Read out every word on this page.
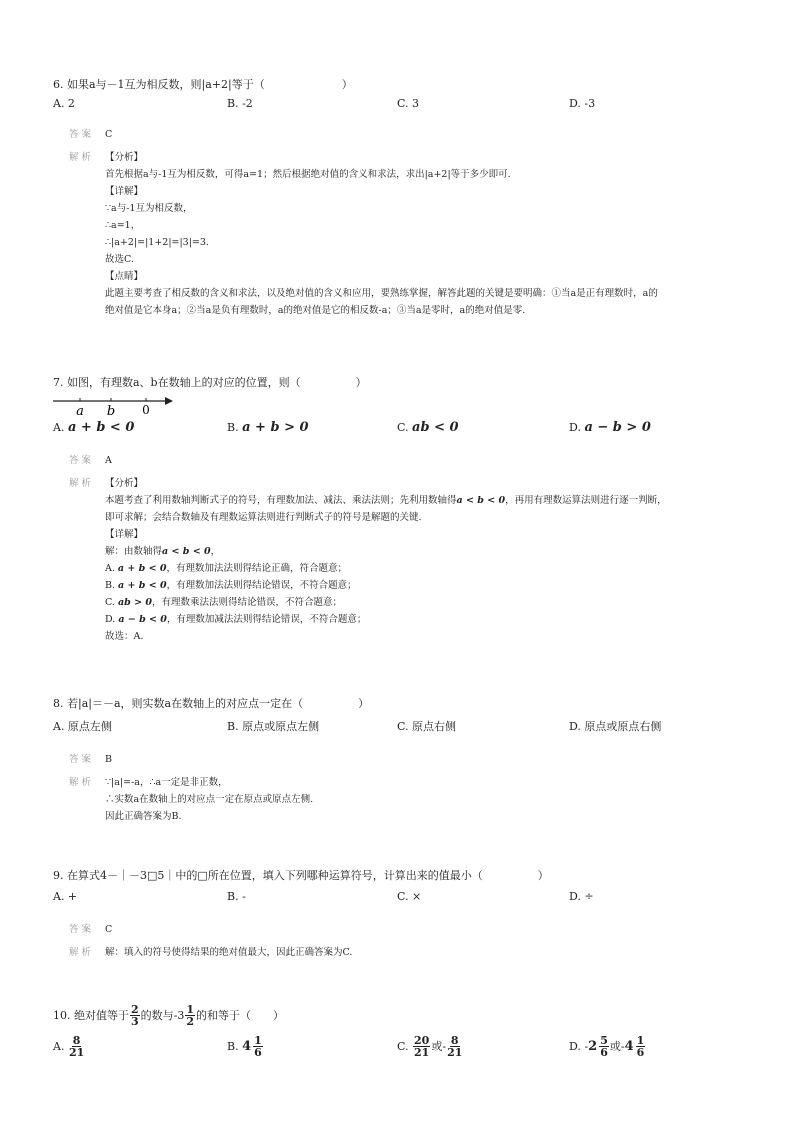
6. 如果a与－1互为相反数，则|a+2|等于（　　　　　　　）
A. 2	B. -2	C. 3	D. -3
答案 C
解析 【分析】
首先根据a与-1互为相反数，可得a=1；然后根据绝对值的含义和求法，求出|a+2|等于多少即可.
【详解】
∵a与-1互为相反数，
∴a=1，
∴|a+2|=|1+2|=|3|=3.
故选C.
【点睛】
此题主要考查了相反数的含义和求法，以及绝对值的含义和应用，要熟练掌握，解答此题的关键是要明确：①当a是正有理数时，a的
绝对值是它本身a；②当a是负有理数时，a的绝对值是它的相反数-a；③当a是零时，a的绝对值是零.
7. 如图，有理数a、b在数轴上的对应的位置，则（　　　　　）
a b 0
A. a + b < 0	B. a + b > 0	C. ab < 0	D. a − b > 0
答案 A
解析 【分析】
本题考查了利用数轴判断式子的符号，有理数加法、减法、乘法法则；先利用数轴得a < b < 0，再用有理数运算法则进行逐一判断，
即可求解；会结合数轴及有理数运算法则进行判断式子的符号是解题的关键.
【详解】
解：由数轴得a < b < 0，
A. a + b < 0，有理数加法法则得结论正确，符合题意；
B. a + b < 0，有理数加法法则得结论错误，不符合题意；
C. ab > 0，有理数乘法法则得结论错误，不符合题意；
D. a − b < 0，有理数加减法法则得结论错误，不符合题意；
故选：A.
8. 若|a|＝－a，则实数a在数轴上的对应点一定在（　　　　　）
A. 原点左侧	B. 原点或原点左侧	C. 原点右侧	D. 原点或原点右侧
答案 B
解析 ∵|a|=-a，∴a一定是非正数，
∴实数a在数轴上的对应点一定在原点或原点左侧.
因此正确答案为B.
9. 在算式4－｜－3□5｜中的□所在位置，填入下列哪种运算符号，计算出来的值最小（　　　　　）
A. +	B. -	C. ×	D. ÷
答案 C
解析 解：填入的符号使得结果的绝对值最大，因此正确答案为C.
10. 绝对值等于 $\frac{2}{3}$ 的数与$-3 \frac{1}{2}$ 的和等于（　　）
A.
$\frac{8}{21}$	B.
$4 \frac{1}{6}$	C.
$\frac{20}{21}$ 或- $\frac{8}{21}$	D.
- $2 \frac{5}{6}$ 或- $4 \frac{1}{6}$
